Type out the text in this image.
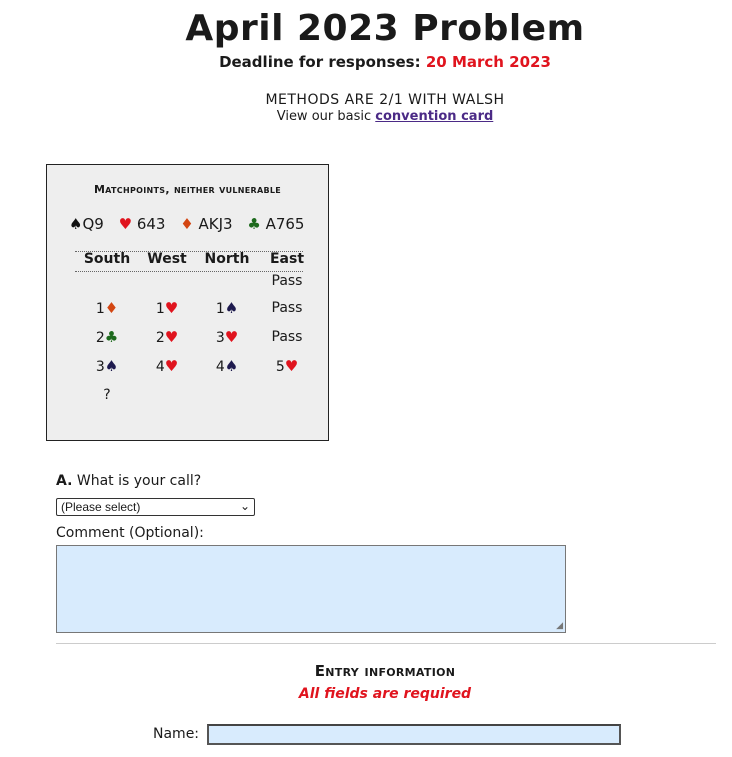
April 2023 Problem
Deadline for responses: 20 March 2023
METHODS ARE 2/1 WITH WALSH
View our basic convention card
Matchpoints, neither vulnerable
♠Q9 ♥ 643 ♦ AKJ3 ♣ A765
South	West	North	East
			Pass
1♦	1♥	1♠	Pass
2♣	2♥	3♥	Pass
3♠	4♥	4♠	5♥
?			
A. What is your call?
(Please select)	⌄
Comment (Optional):
◢
Entry information
All fields are required
Name:
